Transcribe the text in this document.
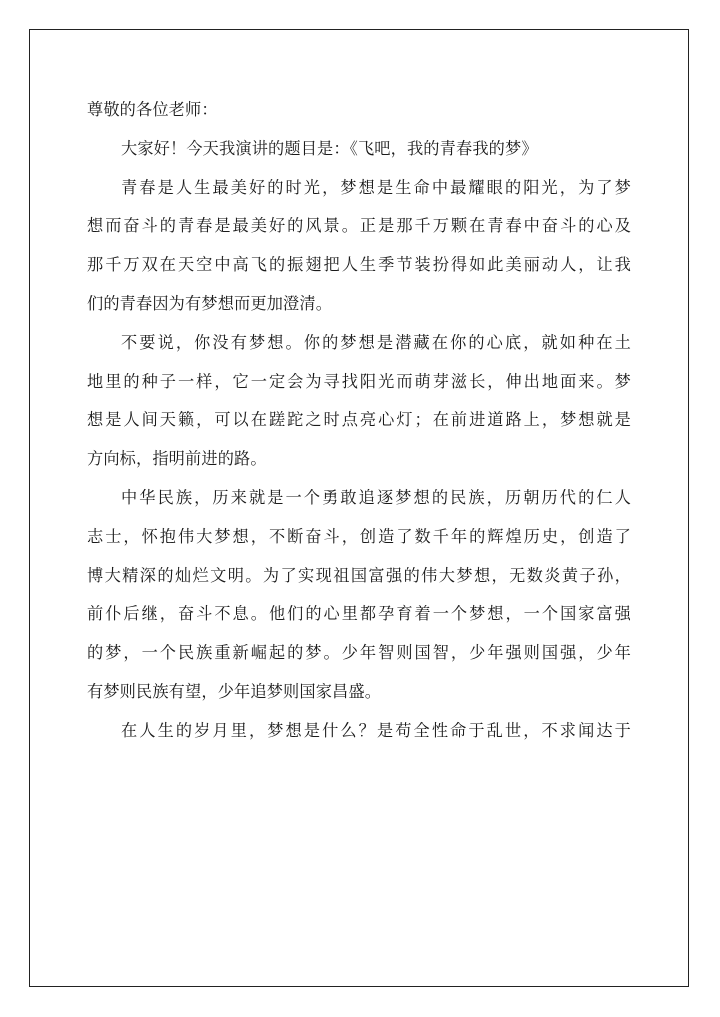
尊敬的各位老师：
大家好！今天我演讲的题目是：《飞吧，我的青春我的梦》
青春是人生最美好的时光，梦想是生命中最耀眼的阳光，为了梦
想而奋斗的青春是最美好的风景。正是那千万颗在青春中奋斗的心及
那千万双在天空中高飞的振翅把人生季节装扮得如此美丽动人，让我
们的青春因为有梦想而更加澄清。
不要说，你没有梦想。你的梦想是潜藏在你的心底，就如种在土
地里的种子一样，它一定会为寻找阳光而萌芽滋长，伸出地面来。梦
想是人间天籁，可以在蹉跎之时点亮心灯；在前进道路上，梦想就是
方向标，指明前进的路。
中华民族，历来就是一个勇敢追逐梦想的民族，历朝历代的仁人
志士，怀抱伟大梦想，不断奋斗，创造了数千年的辉煌历史，创造了
博大精深的灿烂文明。为了实现祖国富强的伟大梦想，无数炎黄子孙，
前仆后继，奋斗不息。他们的心里都孕育着一个梦想，一个国家富强
的梦，一个民族重新崛起的梦。少年智则国智，少年强则国强，少年
有梦则民族有望，少年追梦则国家昌盛。
在人生的岁月里，梦想是什么？是苟全性命于乱世，不求闻达于
